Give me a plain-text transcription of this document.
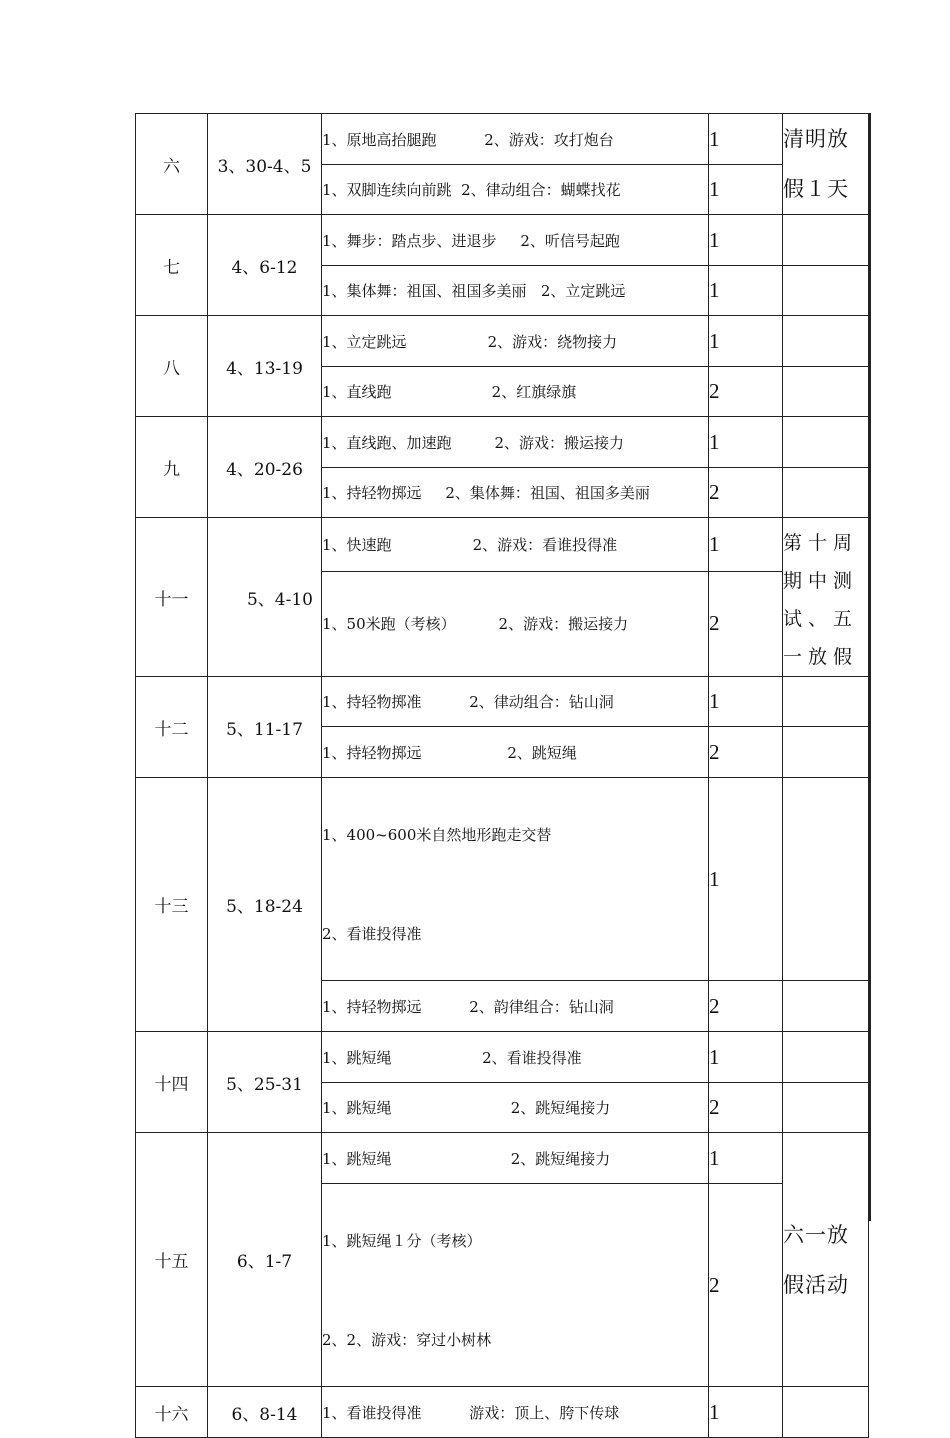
六	3、30-4、5	1、原地高抬腿跑          2、游戏：攻打炮台	1	清明放假１天
		1、双脚连续向前跳  2、律动组合：蝴蝶找花	1	
七	4、6-12	1、舞步：踏点步、进退步     2、听信号起跑	1	
		1、集体舞：祖国、祖国多美丽   2、立定跳远	1	
八	4、13-19	1、立定跳远                 2、游戏：绕物接力	1	
		1、直线跑                     2、红旗绿旗	2	
九	4、20-26	1、直线跑、加速跑         2、游戏：搬运接力	1	
		1、持轻物掷远     2、集体舞：祖国、祖国多美丽	2	
十一	5、4-10	1、快速跑                 2、游戏：看谁投得准	1	第十周期中测试、五一放假
		1、50米跑（考核）         2、游戏：搬运接力	2	
十二	5、11-17	1、持轻物掷准          2、律动组合：钻山洞	1	
		1、持轻物掷远                  2、跳短绳	2	
十三	5、18-24	1、400~600米自然地形跑走交替

2、看谁投得准	1	
		1、持轻物掷远          2、韵律组合：钻山洞	2	
十四	5、25-31	1、跳短绳                   2、看谁投得准	1	
		1、跳短绳                         2、跳短绳接力	2	
十五	6、1-7	1、跳短绳                         2、跳短绳接力	1	六一放假活动

		1、跳短绳１分（考核）

2、2、游戏：穿过小树林	2	
十六	6、8-14	1、看谁投得准          游戏：顶上、胯下传球	1	
